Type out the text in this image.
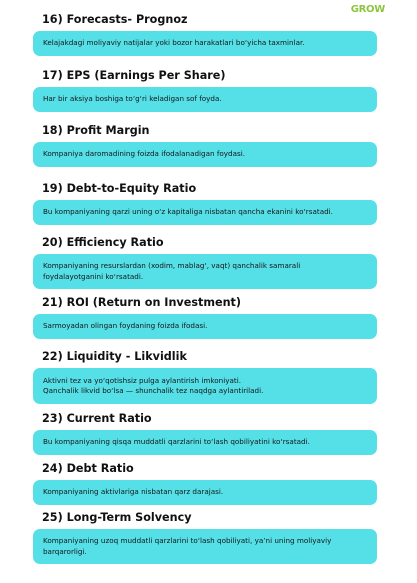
GROW
16) Forecasts- Prognoz
Kelajakdagi moliyaviy natijalar yoki bozor harakatlari bo‘yicha taxminlar.
17) EPS (Earnings Per Share)
Har bir aksiya boshiga to‘g‘ri keladigan sof foyda.
18) Profit Margin
Kompaniya daromadining foizda ifodalanadigan foydasi.
19) Debt-to-Equity Ratio
Bu kompaniyaning qarzi uning o‘z kapitaliga nisbatan qancha ekanini ko‘rsatadi.
20) Efficiency Ratio
Kompaniyaning resurslardan (xodim, mablag‘, vaqt) qanchalik samarali
foydalayotganini ko‘rsatadi.
21) ROI (Return on Investment)
Sarmoyadan olingan foydaning foizda ifodasi.
22) Liquidity - Likvidlik
Aktivni tez va yo‘qotishsiz pulga aylantirish imkoniyati.
Qanchalik likvid bo‘lsa — shunchalik tez naqdga aylantiriladi.
23) Current Ratio
Bu kompaniyaning qisqa muddatli qarzlarini to‘lash qobiliyatini ko‘rsatadi.
24) Debt Ratio
Kompaniyaning aktivlariga nisbatan qarz darajasi.
25) Long-Term Solvency
Kompaniyaning uzoq muddatli qarzlarini to‘lash qobiliyati, ya’ni uning moliyaviy
barqarorligi.
